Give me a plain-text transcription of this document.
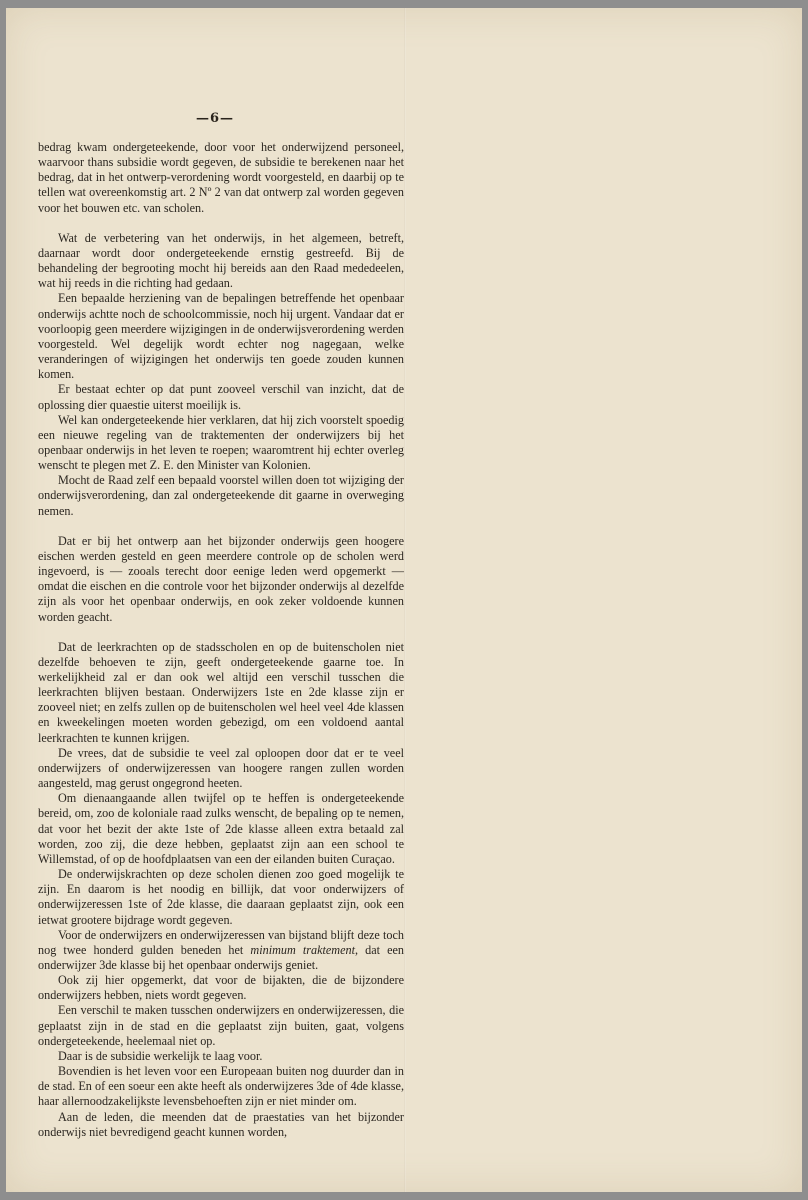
—6—

bedrag kwam ondergeteekende, door voor het onderwijzend personeel, waarvoor thans subsidie wordt gegeven, de subsidie te berekenen naar het bedrag, dat in het ontwerp-verordening wordt voorgesteld, en daarbij op te tellen wat overeenkomstig art. 2 Nº 2 van dat ontwerp zal worden gegeven voor het bouwen etc. van scholen.

Wat de verbetering van het onderwijs, in het algemeen, betreft, daarnaar wordt door ondergeteekende ernstig gestreefd. Bij de behandeling der begrooting mocht hij bereids aan den Raad mededeelen, wat hij reeds in die richting had gedaan.

Een bepaalde herziening van de bepalingen betreffende het openbaar onderwijs achtte noch de schoolcommissie, noch hij urgent. Vandaar dat er voorloopig geen meerdere wijzigingen in de onderwijsverordening werden voorgesteld. Wel degelijk wordt echter nog nagegaan, welke veranderingen of wijzigingen het onderwijs ten goede zouden kunnen komen.

Er bestaat echter op dat punt zooveel verschil van inzicht, dat de oplossing dier quaestie uiterst moeilijk is.

Wel kan ondergeteekende hier verklaren, dat hij zich voorstelt spoedig een nieuwe regeling van de traktementen der onderwijzers bij het openbaar onderwijs in het leven te roepen; waaromtrent hij echter overleg wenscht te plegen met Z. E. den Minister van Kolonien.

Mocht de Raad zelf een bepaald voorstel willen doen tot wijziging der onderwijsverordening, dan zal ondergeteekende dit gaarne in overweging nemen.

Dat er bij het ontwerp aan het bijzonder onderwijs geen hoogere eischen werden gesteld en geen meerdere controle op de scholen werd ingevoerd, is — zooals terecht door eenige leden werd opgemerkt — omdat die eischen en die controle voor het bijzonder onderwijs al dezelfde zijn als voor het openbaar onderwijs, en ook zeker voldoende kunnen worden geacht.

Dat de leerkrachten op de stadsscholen en op de buitenscholen niet dezelfde behoeven te zijn, geeft ondergeteekende gaarne toe. In werkelijkheid zal er dan ook wel altijd een verschil tusschen die leerkrachten blijven bestaan. Onderwijzers 1ste en 2de klasse zijn er zooveel niet; en zelfs zullen op de buitenscholen wel heel veel 4de klassen en kweekelingen moeten worden gebezigd, om een voldoend aantal leerkrachten te kunnen krijgen.

De vrees, dat de subsidie te veel zal oploopen door dat er te veel onderwijzers of onderwijzeressen van hoogere rangen zullen worden aangesteld, mag gerust ongegrond heeten.

Om dienaangaande allen twijfel op te heffen is ondergeteekende bereid, om, zoo de koloniale raad zulks wenscht, de bepaling op te nemen, dat voor het bezit der akte 1ste of 2de klasse alleen extra betaald zal worden, zoo zij, die deze hebben, geplaatst zijn aan een school te Willemstad, of op de hoofdplaatsen van een der eilanden buiten Curaçao.

De onderwijskrachten op deze scholen dienen zoo goed mogelijk te zijn. En daarom is het noodig en billijk, dat voor onderwijzers of onderwijzeressen 1ste of 2de klasse, die daaraan geplaatst zijn, ook een ietwat grootere bijdrage wordt gegeven.

Voor de onderwijzers en onderwijzeressen van bijstand blijft deze toch nog twee honderd gulden beneden het minimum traktement, dat een onderwijzer 3de klasse bij het openbaar onderwijs geniet.

Ook zij hier opgemerkt, dat voor de bijakten, die de bijzondere onderwijzers hebben, niets wordt gegeven.

Een verschil te maken tusschen onderwijzers en onderwijzeressen, die geplaatst zijn in de stad en die geplaatst zijn buiten, gaat, volgens ondergeteekende, heelemaal niet op.

Daar is de subsidie werkelijk te laag voor.

Bovendien is het leven voor een Europeaan buiten nog duurder dan in de stad. En of een soeur een akte heeft als onderwijzeres 3de of 4de klasse, haar allernoodzakelijkste levensbehoeften zijn er niet minder om.

Aan de leden, die meenden dat de praestaties van het bijzonder onderwijs niet bevredigend geacht kunnen worden,
